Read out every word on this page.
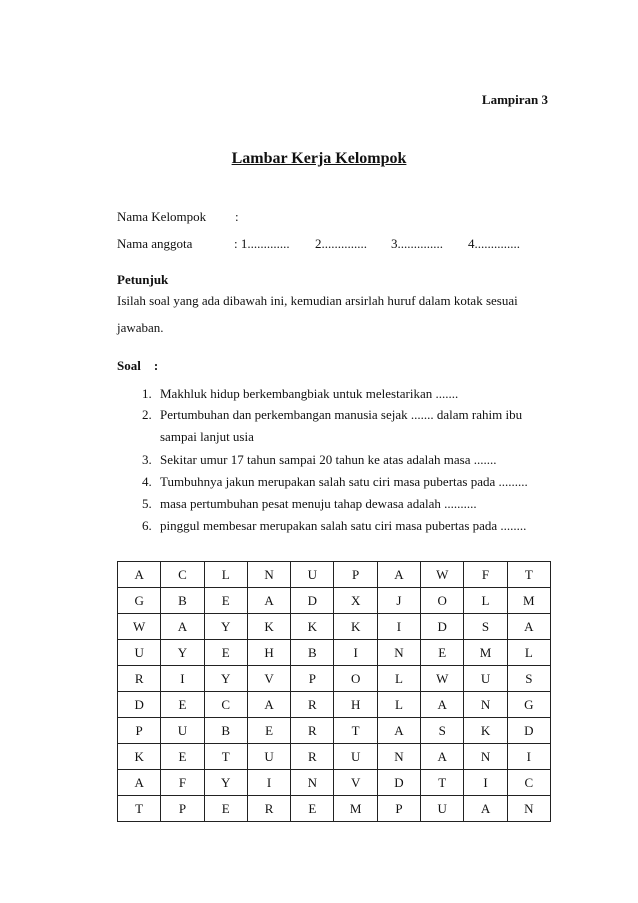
Lampiran 3
Lambar Kerja Kelompok
Nama Kelompok :
Nama anggota	: 1............. 2.............. 3.............. 4..............
Petunjuk
Isilah soal yang ada dibawah ini, kemudian arsirlah huruf dalam kotak sesuai jawaban.
Soal    :
1. Makhluk hidup berkembangbiak untuk melestarikan .......
2. Pertumbuhan dan perkembangan manusia sejak ....... dalam rahim ibu
sampai lanjut usia
3. Sekitar umur 17 tahun sampai 20 tahun ke atas adalah masa .......
4. Tumbuhnya jakun merupakan salah satu ciri masa pubertas pada .........
5. masa pertumbuhan pesat menuju tahap dewasa adalah ..........
6. pinggul membesar merupakan salah satu ciri masa pubertas pada ........
A	C	L	N	U	P	A	W	F	T
G	B	E	A	D	X	J	O	L	M
W	A	Y	K	K	K	I	D	S	A
U	Y	E	H	B	I	N	E	M	L
R	I	Y	V	P	O	L	W	U	S
D	E	C	A	R	H	L	A	N	G
P	U	B	E	R	T	A	S	K	D
K	E	T	U	R	U	N	A	N	I
A	F	Y	I	N	V	D	T	I	C
T	P	E	R	E	M	P	U	A	N
